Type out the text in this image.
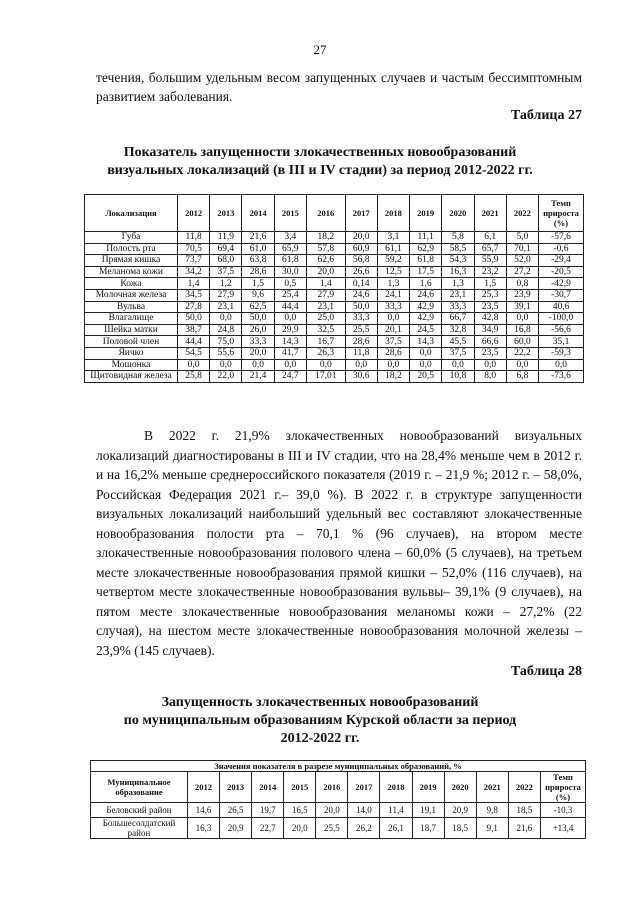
27
течения, большим удельным весом запущенных случаев и частым бессимптомным развитием заболевания.
Таблица 27
Показатель запущенности злокачественных новообразований
визуальных локализаций (в III и IV стадии) за период 2012-2022 гг.
Локализация	2012	2013	2014	2015	2016	2017	2018	2019	2020	2021	2022	Темп прироста (%)
Губа	11,8	11,9	21,6	3,4	18,2	20,0	3,1	11,1	5,8	6,1	5,0	-57,6
Полость рта	70,5	69,4	61,0	65,9	57,8	60,9	61,1	62,9	58,5	65,7	70,1	-0,6
Прямая кишка	73,7	68,0	63,8	61,8	62,6	56,8	59,2	61,8	54,3	55,9	52,0	-29,4
Меланома кожи	34,2	37,5	28,6	30,0	20,0	26,6	12,5	17,5	16,3	23,2	27,2	-20,5
Кожа	1,4	1,2	1,5	0,5	1,4	0,14	1,3	1,6	1,3	1,5	0,8	-42,9
Молочная железа	34,5	27,9	9,6	25,4	27,9	24,6	24,1	24,6	23,1	25,3	23,9	-30,7
Вульва	27,8	23,1	62,5	44,4	23,1	50,0	33,3	42,9	33,3	23,5	39,1	40,6
Влагалище	50,0	0,0	50,0	0,0	25,0	33,3	0,0	42,9	66,7	42,8	0,0	-100,0
Шейка матки	38,7	24,8	26,0	29,9	32,5	25,5	20,1	24,5	32,8	34,9	16,8	-56,6
Половой член	44,4	75,0	33,3	14,3	16,7	28,6	37,5	14,3	45,5	66,6	60,0	35,1
Яичко	54,5	55,6	20,0	41,7	26,3	11,8	28,6	0,0	37,5	23,5	22,2	-59,3
Мошонка	0,0	0,0	0,0	0,0	0,0	0,0	0,0	0,0	0,0	0,0	0,0	0,0
Щитовидная железа	25,8	22,0	21,4	24,7	17,01	30,6	18,2	20,5	10,8	8,0	6,8	-73,6
В 2022 г. 21,9% злокачественных новообразований визуальных локализаций диагностированы в III и IV стадии, что на 28,4% меньше чем в 2012 г. и на 16,2% меньше среднероссийского показателя (2019 г. – 21,9 %; 2012 г. – 58,0%, Российская Федерация 2021 г.– 39,0 %). В 2022 г. в структуре запущенности визуальных локализаций наибольший удельный вес составляют злокачественные новообразования полости рта – 70,1 % (96 случаев), на втором месте злокачественные новообразования полового члена – 60,0% (5 случаев), на третьем месте злокачественные новообразования прямой кишки – 52,0% (116 случаев), на четвертом месте злокачественные новообразования вульвы– 39,1% (9 случаев), на пятом месте злокачественные новообразования меланомы кожи – 27,2% (22 случая), на шестом месте злокачественные новообразования молочной железы – 23,9% (145 случаев).
Таблица 28
Запущенность злокачественных новообразований
по муниципальным образованиям Курской области за период
2012-2022 гг.
Значения показателя в разрезе муниципальных образований, %												
Муниципальное образование	2012	2013	2014	2015	2016	2017	2018	2019	2020	2021	2022	Темп прироста (%)
Беловский район	14,6	26,5	19,7	16,5	20,0	14,0	11,4	19,1	20,9	9,8	18,5	-10,3
Большесолдатский район	16,3	20,9	22,7	20,0	25,5	26,2	26,1	18,7	18,5	9,1	21,6	+13,4
